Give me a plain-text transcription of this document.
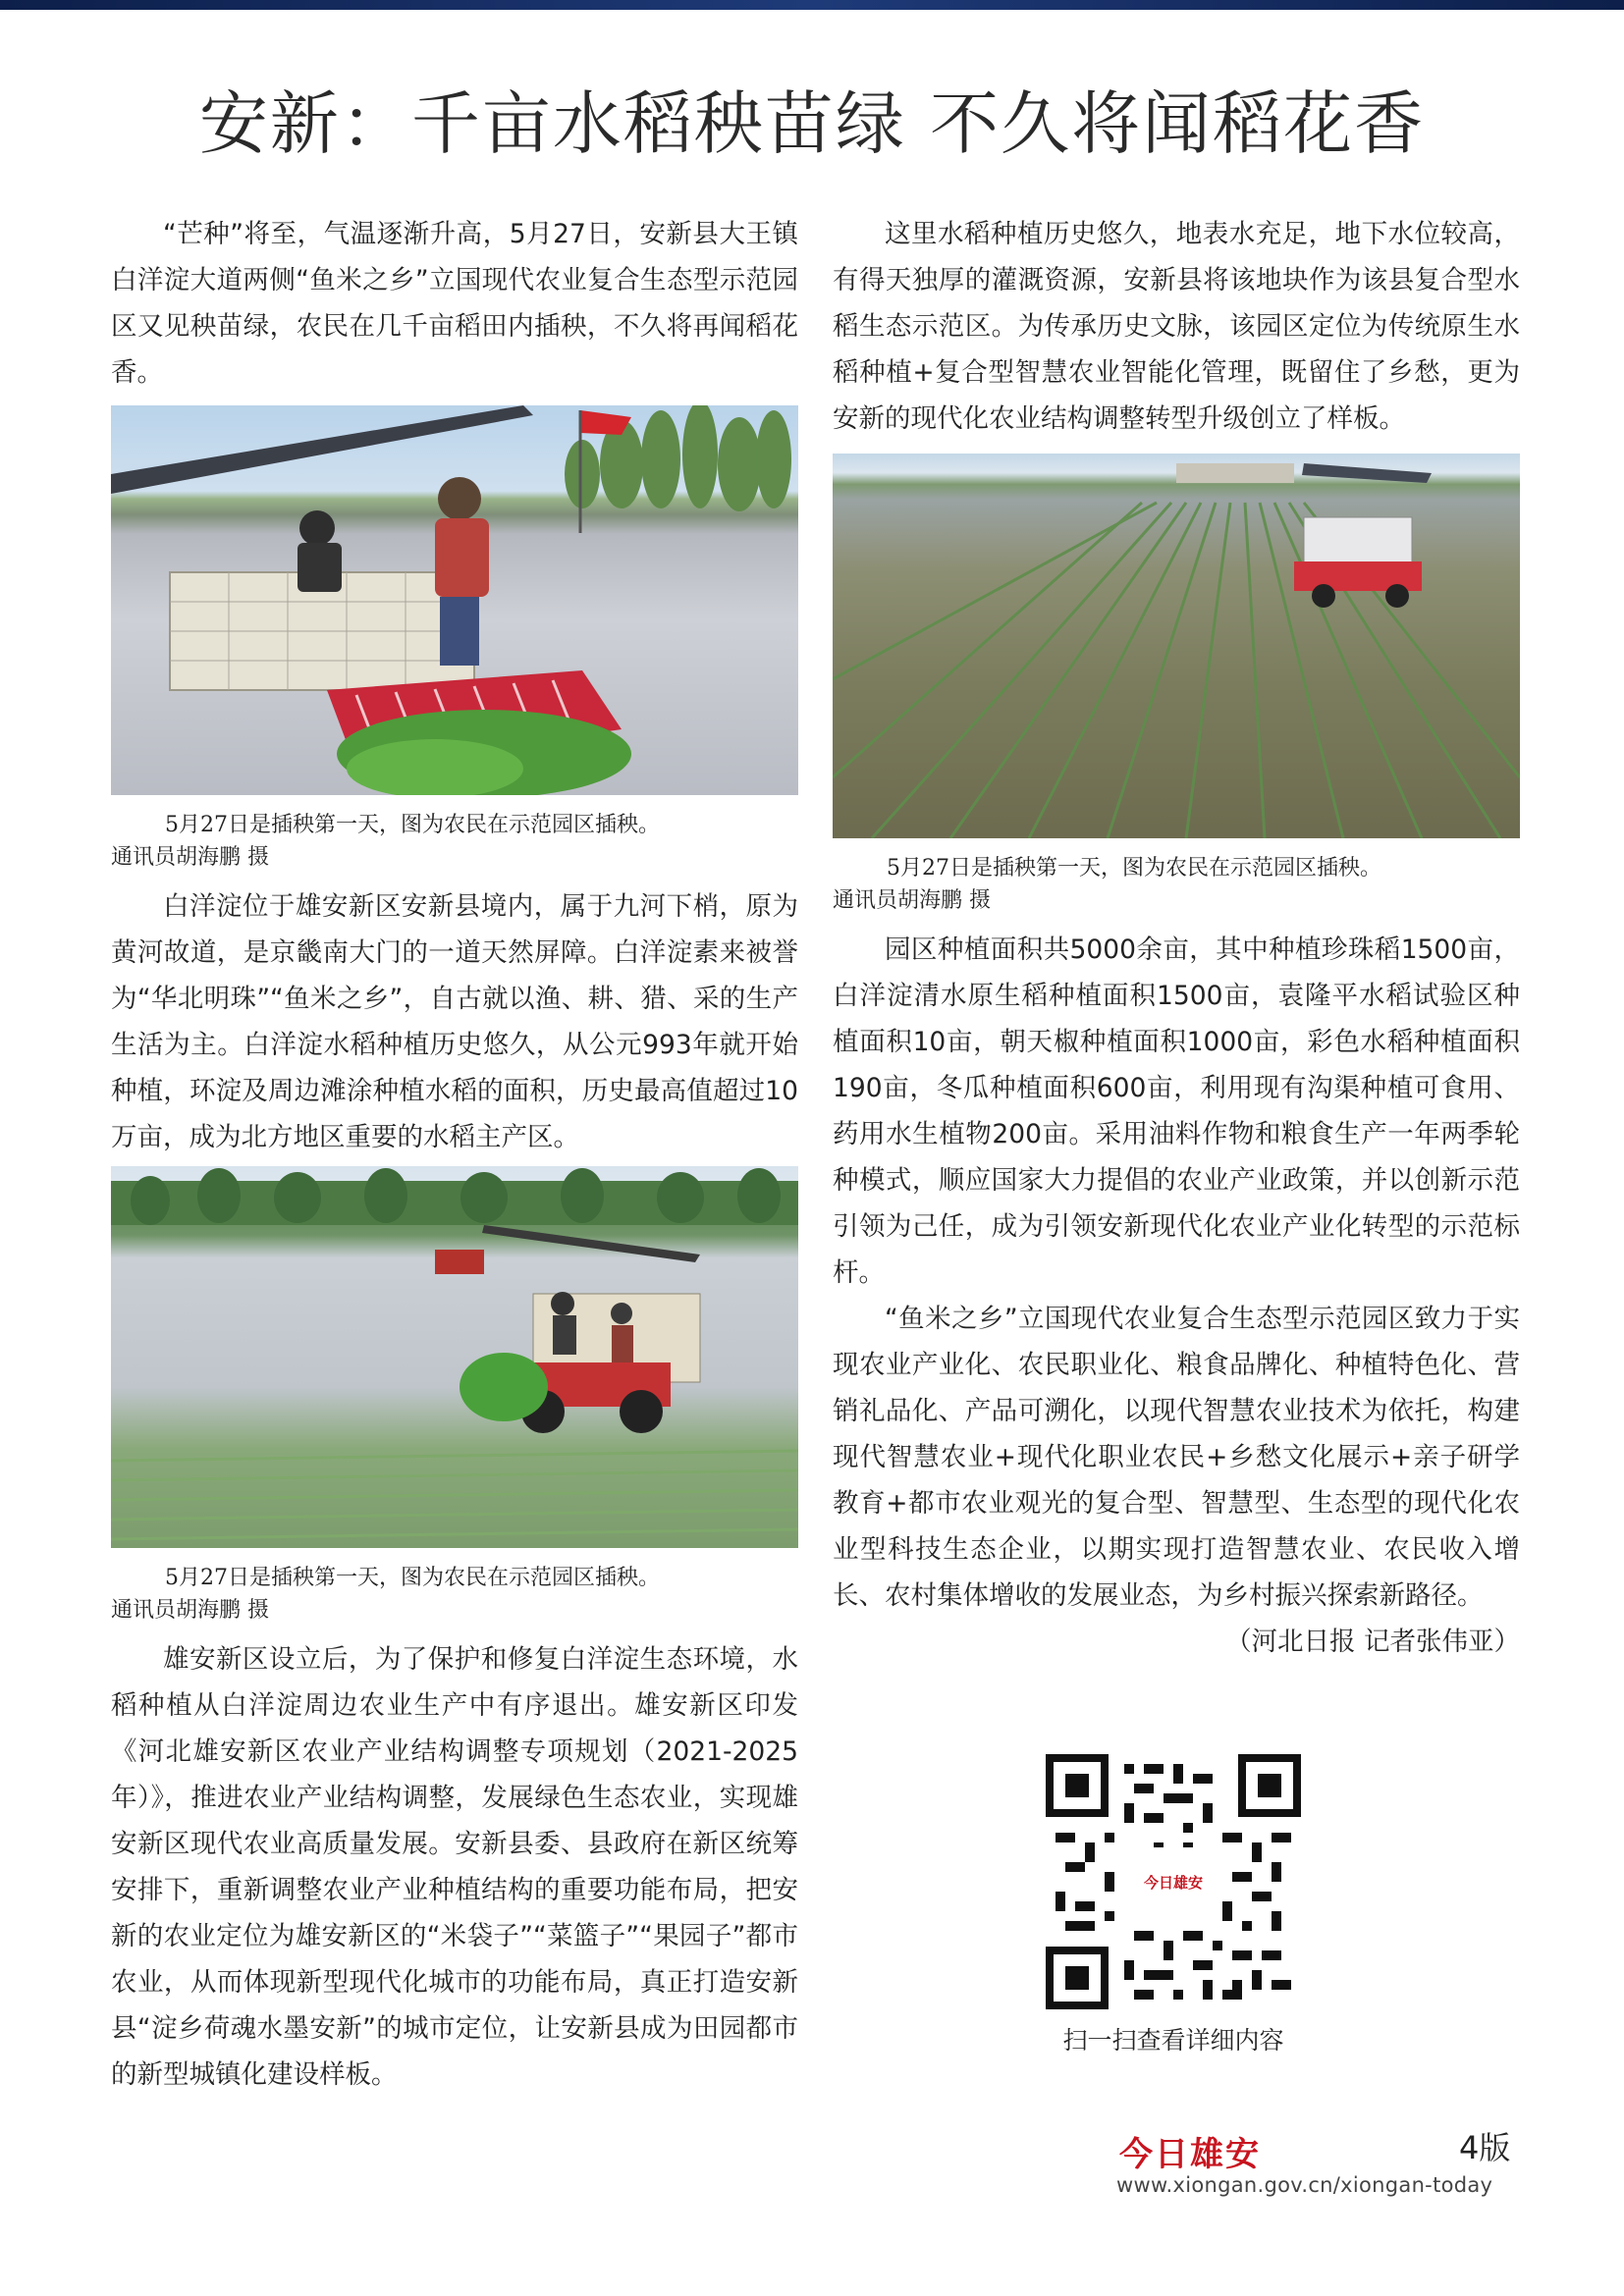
安新：千亩水稻秧苗绿 不久将闻稻花香

“芒种”将至，气温逐渐升高，5月27日，安新县大王镇白洋淀大道两侧“鱼米之乡”立国现代农业复合生态型示范园区又见秧苗绿，农民在几千亩稻田内插秧，不久将再闻稻花香。

5月27日是插秧第一天，图为农民在示范园区插秧。
通讯员胡海鹏 摄

白洋淀位于雄安新区安新县境内，属于九河下梢，原为黄河故道，是京畿南大门的一道天然屏障。白洋淀素来被誉为“华北明珠”“鱼米之乡”，自古就以渔、耕、猎、采的生产生活为主。白洋淀水稻种植历史悠久，从公元993年就开始种植，环淀及周边滩涂种植水稻的面积，历史最高值超过10万亩，成为北方地区重要的水稻主产区。

5月27日是插秧第一天，图为农民在示范园区插秧。
通讯员胡海鹏 摄

雄安新区设立后，为了保护和修复白洋淀生态环境，水稻种植从白洋淀周边农业生产中有序退出。雄安新区印发《河北雄安新区农业产业结构调整专项规划（2021-2025年）》，推进农业产业结构调整，发展绿色生态农业，实现雄安新区现代农业高质量发展。安新县委、县政府在新区统筹安排下，重新调整农业产业种植结构的重要功能布局，把安新的农业定位为雄安新区的“米袋子”“菜篮子”“果园子”都市农业，从而体现新型现代化城市的功能布局，真正打造安新县“淀乡荷魂水墨安新”的城市定位，让安新县成为田园都市的新型城镇化建设样板。

这里水稻种植历史悠久，地表水充足，地下水位较高，有得天独厚的灌溉资源，安新县将该地块作为该县复合型水稻生态示范区。为传承历史文脉，该园区定位为传统原生水稻种植+复合型智慧农业智能化管理，既留住了乡愁，更为安新的现代化农业结构调整转型升级创立了样板。

5月27日是插秧第一天，图为农民在示范园区插秧。
通讯员胡海鹏 摄

园区种植面积共5000余亩，其中种植珍珠稻1500亩，白洋淀清水原生稻种植面积1500亩，袁隆平水稻试验区种植面积10亩，朝天椒种植面积1000亩，彩色水稻种植面积190亩，冬瓜种植面积600亩，利用现有沟渠种植可食用、药用水生植物200亩。采用油料作物和粮食生产一年两季轮种模式，顺应国家大力提倡的农业产业政策，并以创新示范引领为己任，成为引领安新现代化农业产业化转型的示范标杆。

“鱼米之乡”立国现代农业复合生态型示范园区致力于实现农业产业化、农民职业化、粮食品牌化、种植特色化、营销礼品化、产品可溯化，以现代智慧农业技术为依托，构建现代智慧农业+现代化职业农民+乡愁文化展示+亲子研学教育+都市农业观光的复合型、智慧型、生态型的现代化农业型科技生态企业，以期实现打造智慧农业、农民收入增长、农村集体增收的发展业态，为乡村振兴探索新路径。
（河北日报 记者张伟亚）

今日雄安
扫一扫查看详细内容
今日雄安	4版
www.xiongan.gov.cn/xiongan-today
